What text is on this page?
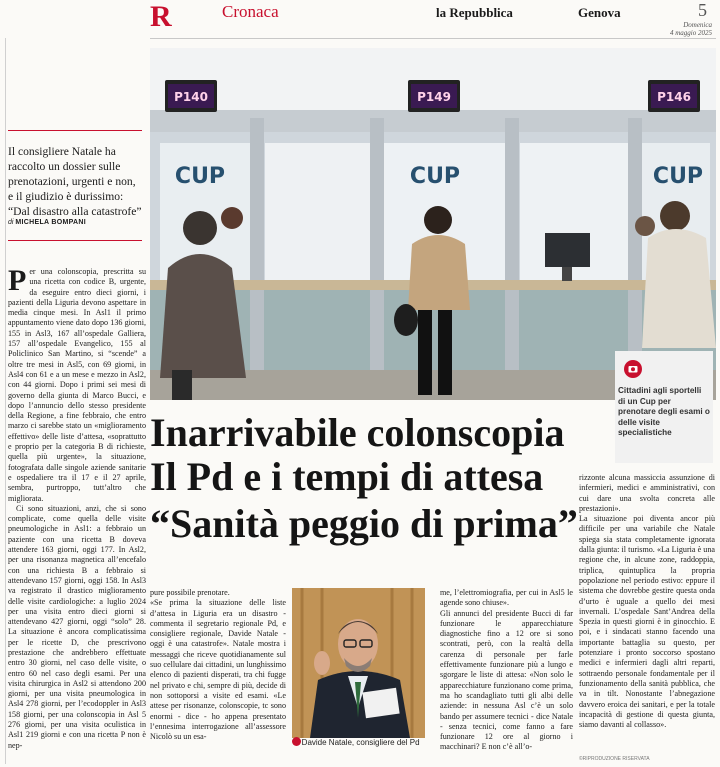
R	Cronaca	la Repubblica	Genova	5
Domenica
4 maggio 2025
P140	P149	P146
CUP	CUP	CUP
Cittadini agli sportelli di un Cup per prenotare degli esami o delle visite specialistiche
Il consigliere Natale ha raccolto un dossier sulle prenotazioni, urgenti e non, e il giudizio è durissimo: “Dal disastro alla catastrofe”
di MICHELA BOMPANI
Inarrivabile colonscopia
Il Pd e i tempi di attesa
“Sanità peggio di prima”
P er una colonscopia, prescritta su una ricetta con codice B, urgente, da eseguire entro dieci giorni, i pazienti della Liguria devono aspettare in media cinque mesi. In Asl1 il primo appuntamento viene dato dopo 136 giorni, 155 in Asl3, 167 all’ospedale Galliera, 157 all’ospedale Evangelico, 155 al Policlinico San Martino, si “scende” a oltre tre mesi in Asl5, con 69 giorni, in Asl4 con 61 e a un mese e mezzo in Asl2, con 44 giorni. Dopo i primi sei mesi di governo della giunta di Marco Bucci, e dopo l’annuncio dello stesso presidente della Regione, a fine febbraio, che entro marzo ci sarebbe stato un «miglioramento effettivo» delle liste d’attesa, «soprattutto e proprio per la categoria B di richieste, quella più urgente», la situazione, fotografata dalle singole aziende sanitarie e ospedaliere tra il 17 e il 27 aprile, sembra, purtroppo, tutt’altro che migliorata.

Ci sono situazioni, anzi, che si sono complicate, come quella delle visite pneumologiche in Asl1: a febbraio un paziente con una ricetta B doveva attendere 163 giorni, oggi 177. In Asl2, per una risonanza magnetica all’encefalo con una richiesta B a febbraio si attendevano 157 giorni, oggi 158. In Asl3 va registrato il drastico miglioramento delle visite cardiologiche: a luglio 2024 per una visita entro dieci giorni si attendevano 427 giorni, oggi “solo” 28. La situazione è ancora complicatissima per le ricette D, che prescrivono prestazione che andrebbero effettuate entro 30 giorni, nel caso delle visite, o entro 60 nel caso degli esami. Per una visita chirurgica in Asl2 si attendono 200 giorni, per una visita pneumologica in Asl4 278 giorni, per l’ecodoppler in Asl3 158 giorni, per una colonscopia in Asl 5 276 giorni, per una visita oculistica in Asl1 219 giorni e con una ricetta P non è nep-

pure possibile prenotare.
«Se prima la situazione delle liste d’attesa in Liguria era un disastro - commenta il segretario regionale Pd, e consigliere regionale, Davide Natale - oggi è una catastrofe». Natale mostra i messaggi che riceve quotidianamente sul suo cellulare dai cittadini, un lunghissimo elenco di pazienti disperati, tra chi fugge nel privato e chi, sempre di più, decide di non sottoporsi a visite ed esami. «Le attese per risonanze, colonscopie, tc sono enormi - dice - ho appena presentato l’ennesima interrogazione all’assessore Nicolò su un esa-
me, l’elettromiografia, per cui in Asl5 le agende sono chiuse».
Gli annunci del presidente Bucci di far funzionare le apparecchiature diagnostiche fino a 12 ore si sono scontrati, però, con la realtà della carenza di personale per farle effettivamente funzionare più a lungo e sgorgare le liste di attesa: «Non solo le apparecchiature funzionano come prima, ma ho scandagliato tutti gli albi delle aziende: in nessuna Asl c’è un solo bando per assumere tecnici - dice Natale - senza tecnici, come fanno a fare funzionare 12 ore al giorno i macchinari? E non c’è all’o-
rizzonte alcuna massiccia assunzione di infermieri, medici e amministrativi, con cui dare una svolta concreta alle prestazioni».
La situazione poi diventa ancor più difficile per una variabile che Natale spiega sia stata completamente ignorata dalla giunta: il turismo. «La Liguria è una regione che, in alcune zone, raddoppia, triplica, quintuplica la propria popolazione nel periodo estivo: eppure il sistema che dovrebbe gestire questa onda d’urto è uguale a quello dei mesi invernali. L’ospedale Sant’Andrea della Spezia in questi giorni è in ginocchio. E poi, e i sindacati stanno facendo una importante battaglia su questo, per potenziare i pronto soccorso spostano medici e infermieri dagli altri reparti, sottraendo personale fondamentale per il funzionamento della sanità pubblica, che va in tilt. Nonostante l’abnegazione davvero eroica dei sanitari, e per la totale incapacità di gestione di questa giunta, siamo davanti al collasso».
Davide Natale, consigliere del Pd
©RIPRODUZIONE RISERVATA
